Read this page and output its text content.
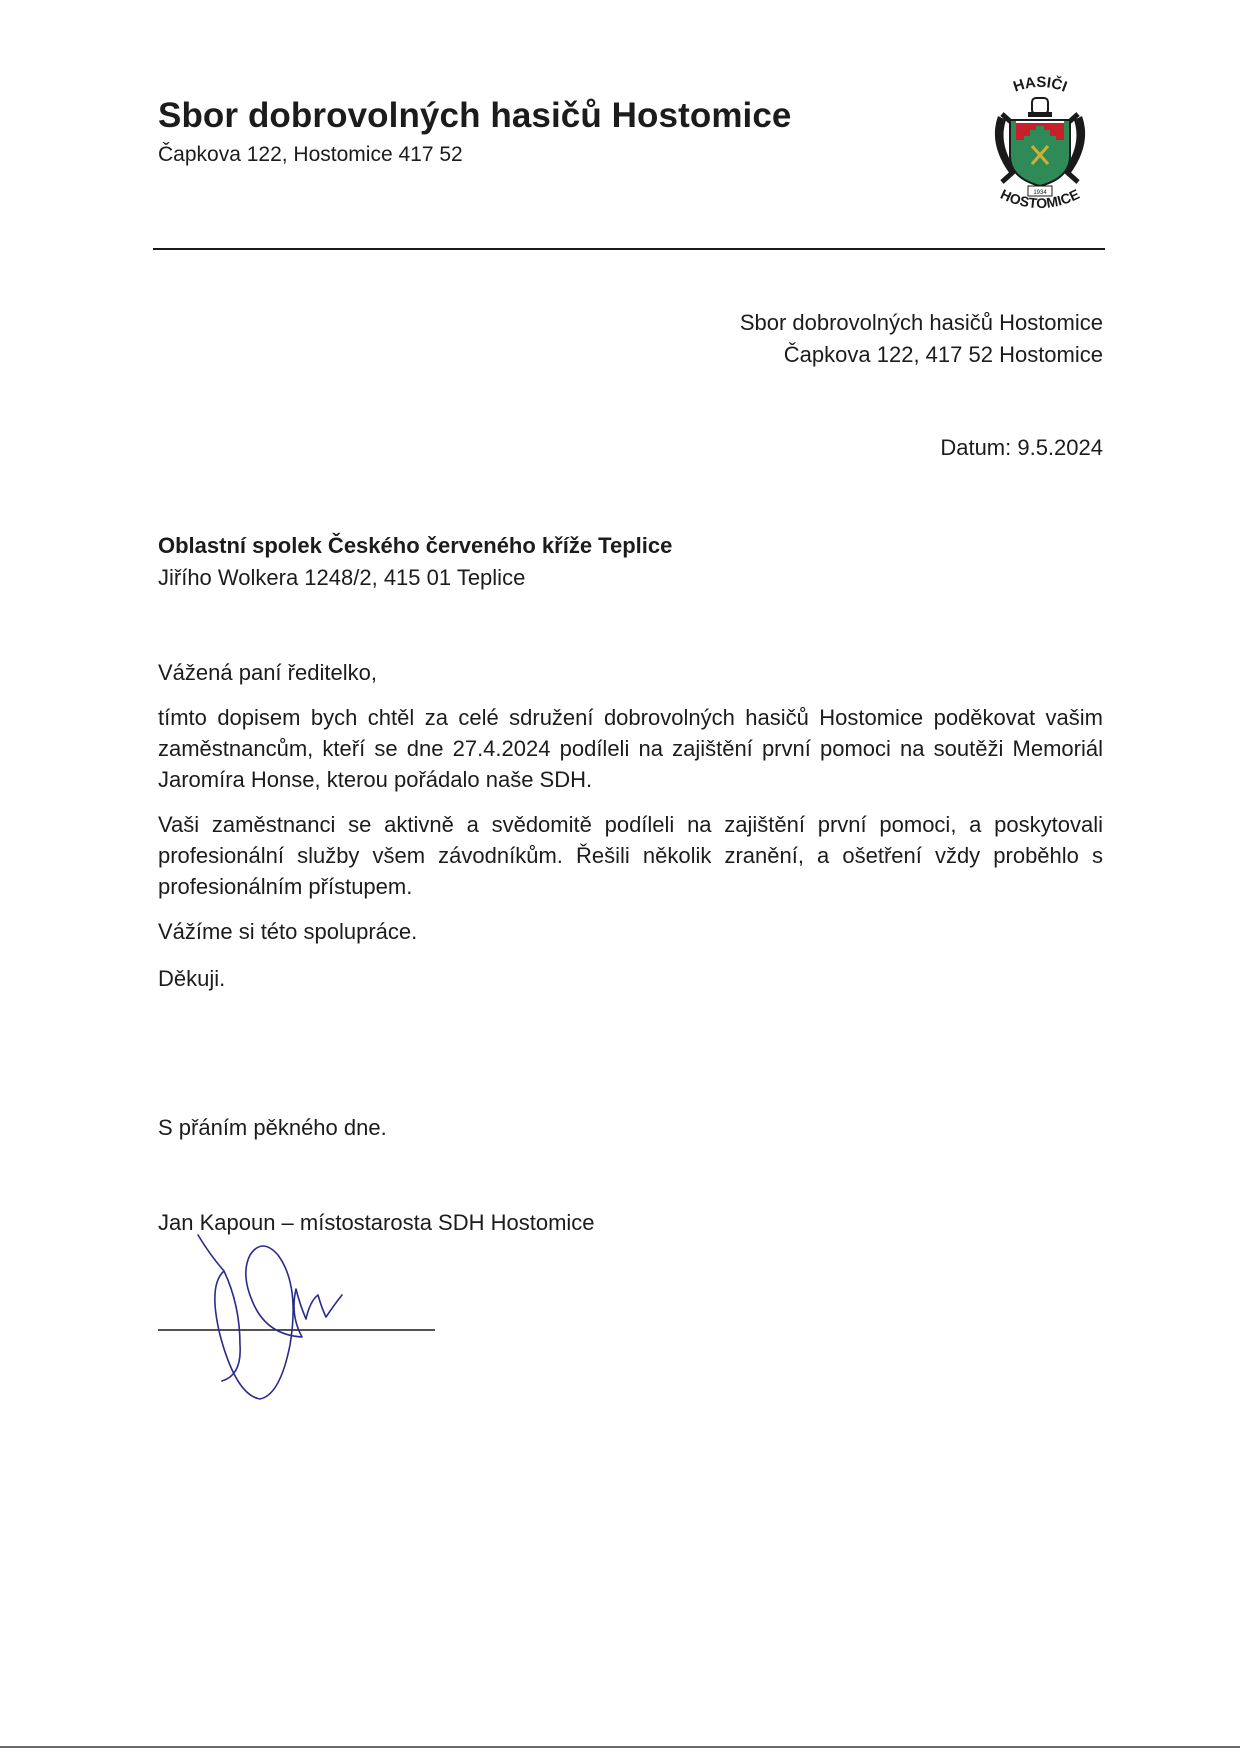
Sbor dobrovolných hasičů Hostomice

Čapkova 122, Hostomice 417 52

HASIČI
1934
HOSTOMICE
Sbor dobrovolných hasičů Hostomice
Čapkova 122, 417 52 Hostomice
Datum: 9.5.2024
Oblastní spolek Českého červeného kříže Teplice
Jiřího Wolkera 1248/2, 415 01 Teplice

Vážená paní ředitelko,

tímto dopisem bych chtěl za celé sdružení dobrovolných hasičů Hostomice poděkovat vašim zaměstnancům, kteří se dne 27.4.2024 podíleli na zajištění první pomoci na soutěži Memoriál Jaromíra Honse, kterou pořádalo naše SDH.

Vaši zaměstnanci se aktivně a svědomitě podíleli na zajištění první pomoci, a poskytovali profesionální služby všem závodníkům. Řešili několik zranění, a ošetření vždy proběhlo s profesionálním přístupem.

Vážíme si této spolupráce.

Děkuji.

S přáním pěkného dne.
Jan Kapoun – místostarosta SDH Hostomice
